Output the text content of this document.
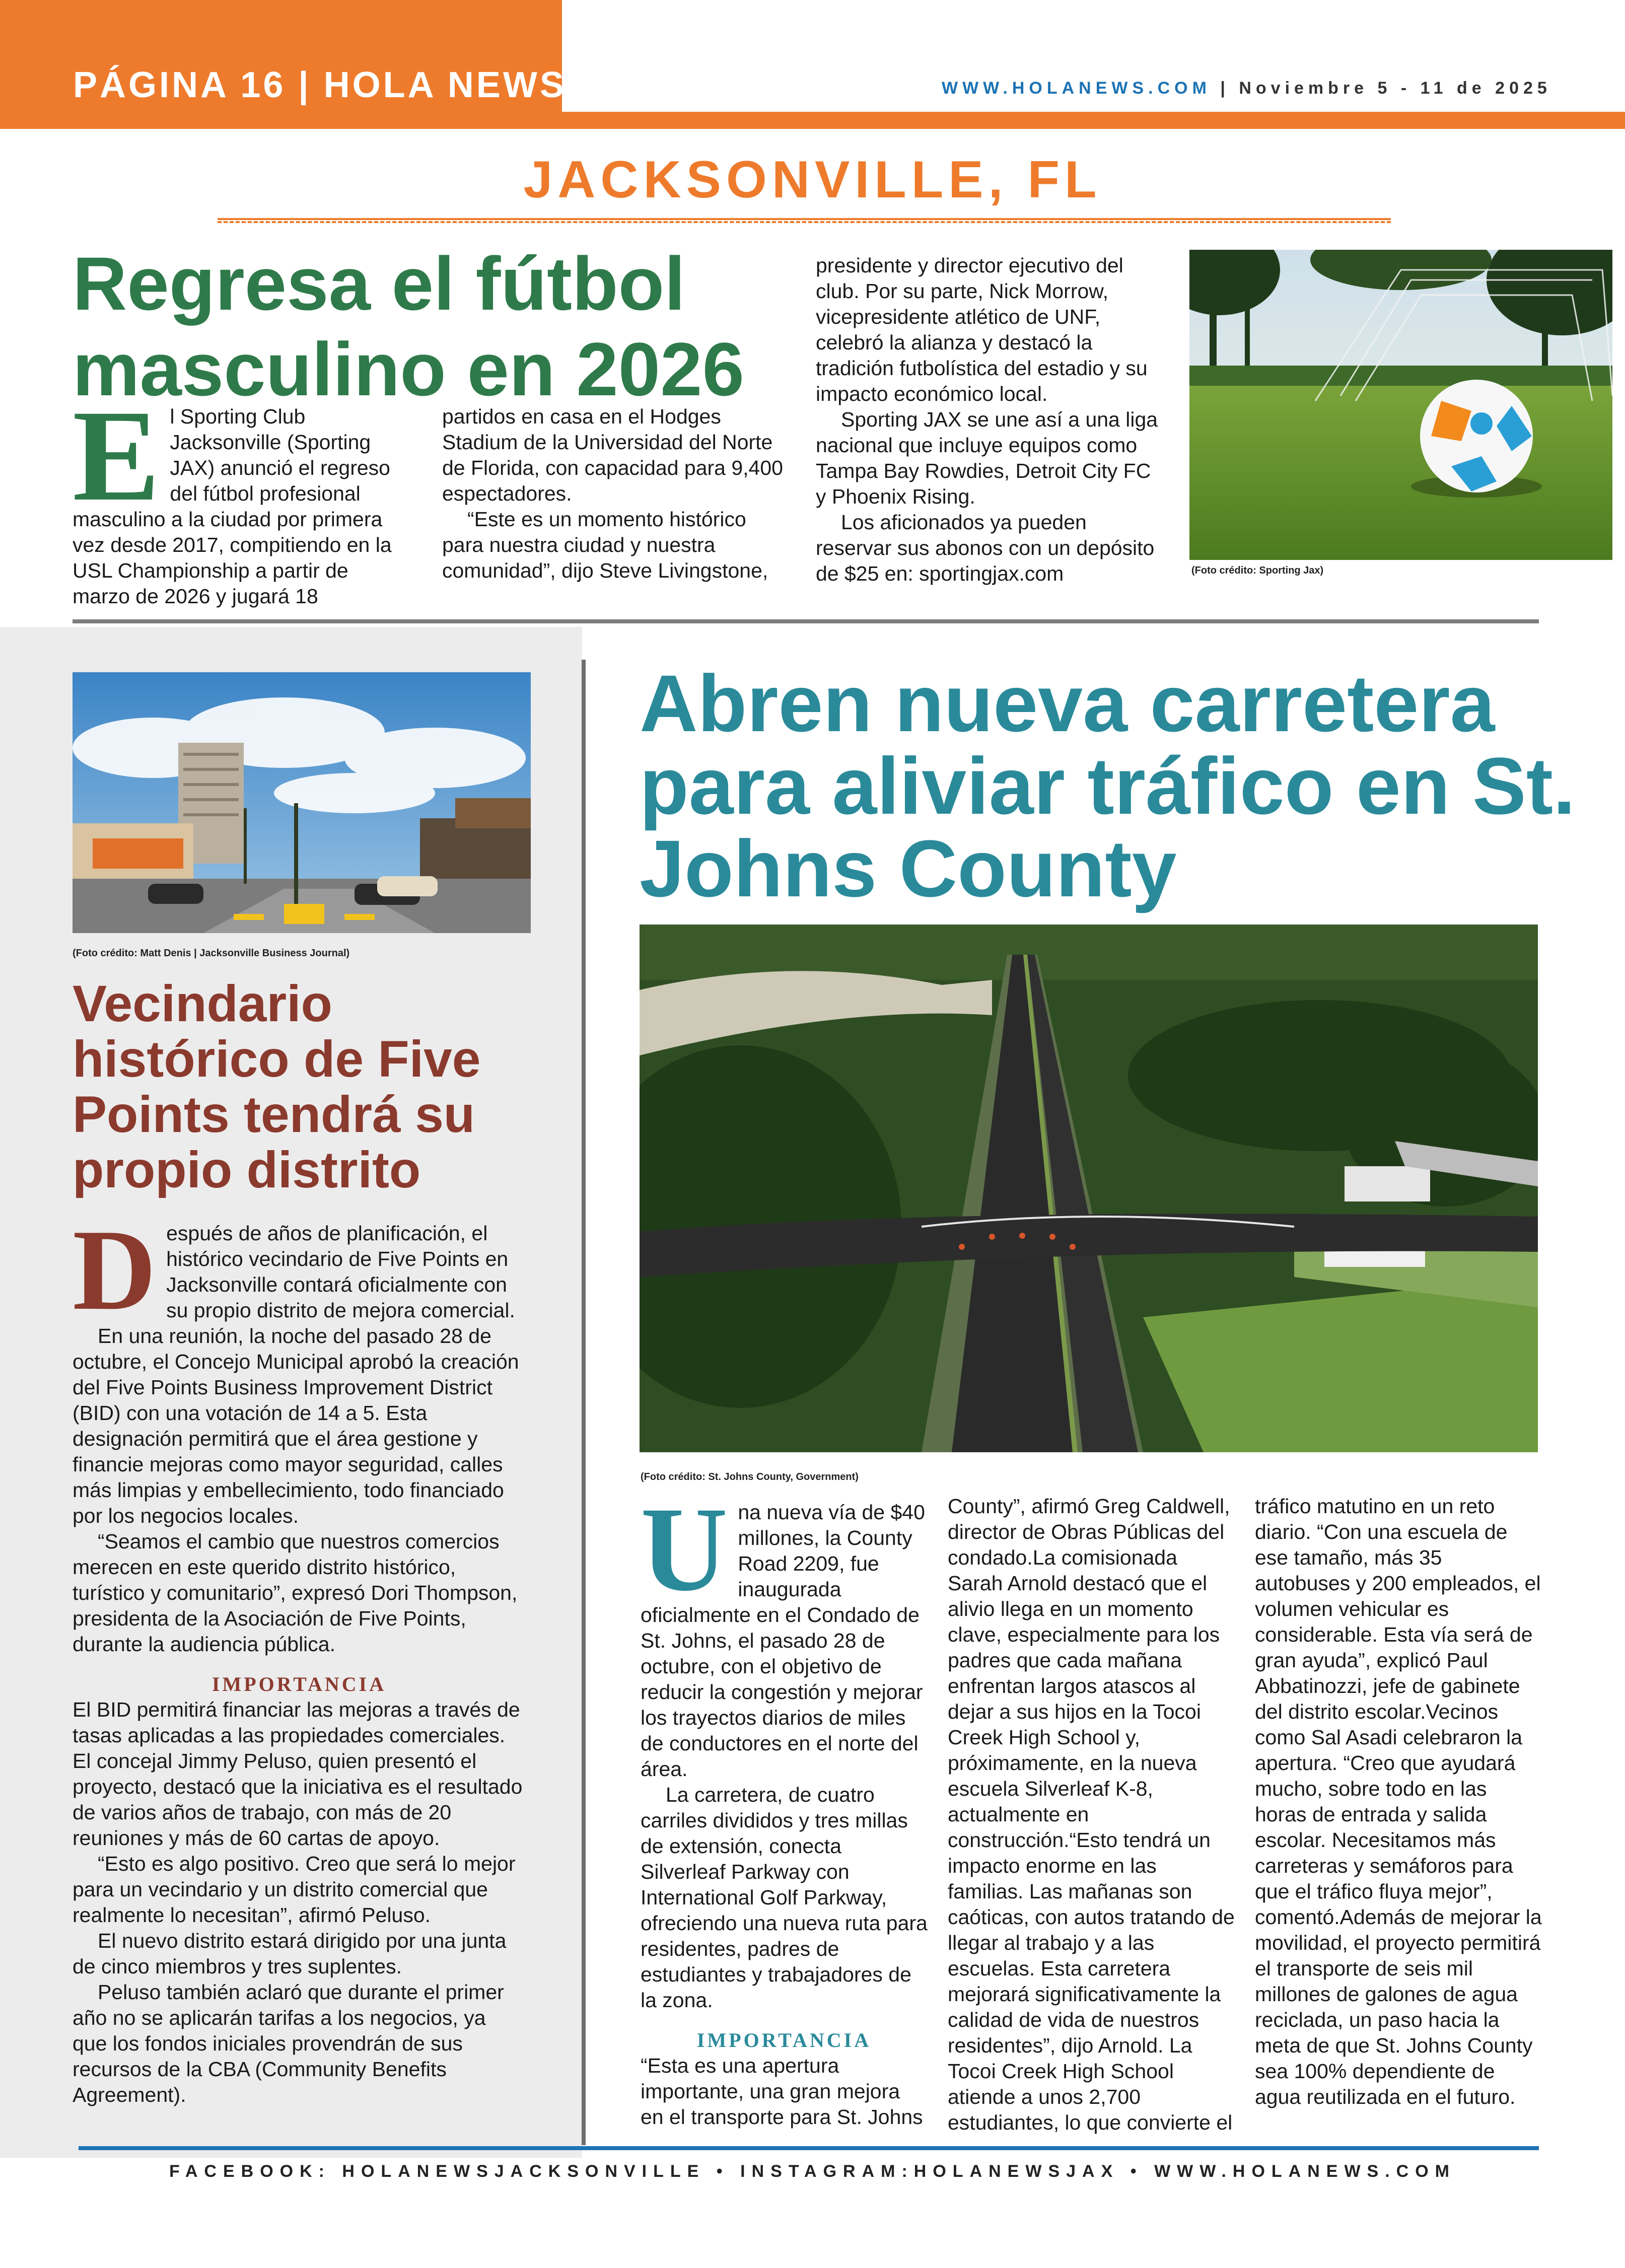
PÁGINA 16 | HOLA NEWS	WWW.HOLANEWS.COM | Noviembre 5 - 11 de 2025
JACKSONVILLE, FL
Regresa el fútbol masculino en 2026

El Sporting Club Jacksonville (Sporting JAX) anunció el regreso del fútbol profesional masculino a la ciudad por primera vez desde 2017, compitiendo en la USL Championship a partir de marzo de 2026 y jugará 18

partidos en casa en el Hodges Stadium de la Universidad del Norte de Florida, con capacidad para 9,400 espectadores.

“Este es un momento histórico para nuestra ciudad y nuestra comunidad”, dijo Steve Livingstone,

presidente y director ejecutivo del club. Por su parte, Nick Morrow, vicepresidente atlético de UNF, celebró la alianza y destacó la tradición futbolística del estadio y su impacto económico local.

Sporting JAX se une así a una liga nacional que incluye equipos como Tampa Bay Rowdies, Detroit City FC y Phoenix Rising.

Los aficionados ya pueden reservar sus abonos con un depósito de $25 en: sportingjax.com	(Foto crédito: Sporting Jax)
(Foto crédito: Matt Denis | Jacksonville Business Journal)
Vecindario histórico de Five Points tendrá su propio distrito

Después de años de planificación, el histórico vecindario de Five Points en Jacksonville contará oficialmente con su propio distrito de mejora comercial.

En una reunión, la noche del pasado 28 de octubre, el Concejo Municipal aprobó la creación del Five Points Business Improvement District (BID) con una votación de 14 a 5. Esta designación permitirá que el área gestione y financie mejoras como mayor seguridad, calles más limpias y embellecimiento, todo financiado por los negocios locales.

“Seamos el cambio que nuestros comercios merecen en este querido distrito histórico, turístico y comunitario”, expresó Dori Thompson, presidenta de la Asociación de Five Points, durante la audiencia pública.

IMPORTANCIA

El BID permitirá financiar las mejoras a través de tasas aplicadas a las propiedades comerciales. El concejal Jimmy Peluso, quien presentó el proyecto, destacó que la iniciativa es el resultado de varios años de trabajo, con más de 20 reuniones y más de 60 cartas de apoyo.

“Esto es algo positivo. Creo que será lo mejor para un vecindario y un distrito comercial que realmente lo necesitan”, afirmó Peluso.

El nuevo distrito estará dirigido por una junta de cinco miembros y tres suplentes.

Peluso también aclaró que durante el primer año no se aplicarán tarifas a los negocios, ya que los fondos iniciales provendrán de sus recursos de la CBA (Community Benefits Agreement).

Abren nueva carretera para aliviar tráfico en St. Johns County
(Foto crédito: St. Johns County, Government)

Una nueva vía de $40 millones, la County Road 2209, fue inaugurada oficialmente en el Condado de St. Johns, el pasado 28 de octubre, con el objetivo de reducir la congestión y mejorar los trayectos diarios de miles de conductores en el norte del área.

La carretera, de cuatro carriles divididos y tres millas de extensión, conecta Silverleaf Parkway con International Golf Parkway, ofreciendo una nueva ruta para residentes, padres de estudiantes y trabajadores de la zona.

IMPORTANCIA

“Esta es una apertura importante, una gran mejora en el transporte para St. Johns

County”, afirmó Greg Caldwell, director de Obras Públicas del condado.La comisionada Sarah Arnold destacó que el alivio llega en un momento clave, especialmente para los padres que cada mañana enfrentan largos atascos al dejar a sus hijos en la Tocoi Creek High School y, próximamente, en la nueva escuela Silverleaf K-8, actualmente en construcción.“Esto tendrá un impacto enorme en las familias. Las mañanas son caóticas, con autos tratando de llegar al trabajo y a las escuelas. Esta carretera mejorará significativamente la calidad de vida de nuestros residentes”, dijo Arnold. La Tocoi Creek High School atiende a unos 2,700 estudiantes, lo que convierte el

tráfico matutino en un reto diario. “Con una escuela de ese tamaño, más 35 autobuses y 200 empleados, el volumen vehicular es considerable. Esta vía será de gran ayuda”, explicó Paul Abbatinozzi, jefe de gabinete del distrito escolar.Vecinos como Sal Asadi celebraron la apertura. “Creo que ayudará mucho, sobre todo en las horas de entrada y salida escolar. Necesitamos más carreteras y semáforos para que el tráfico fluya mejor”, comentó.Además de mejorar la movilidad, el proyecto permitirá el transporte de seis mil millones de galones de agua reciclada, un paso hacia la meta de que St. Johns County sea 100% dependiente de agua reutilizada en el futuro.

FACEBOOK: HOLANEWSJACKSONVILLE • INSTAGRAM:HOLANEWSJAX • WWW.HOLANEWS.COM
